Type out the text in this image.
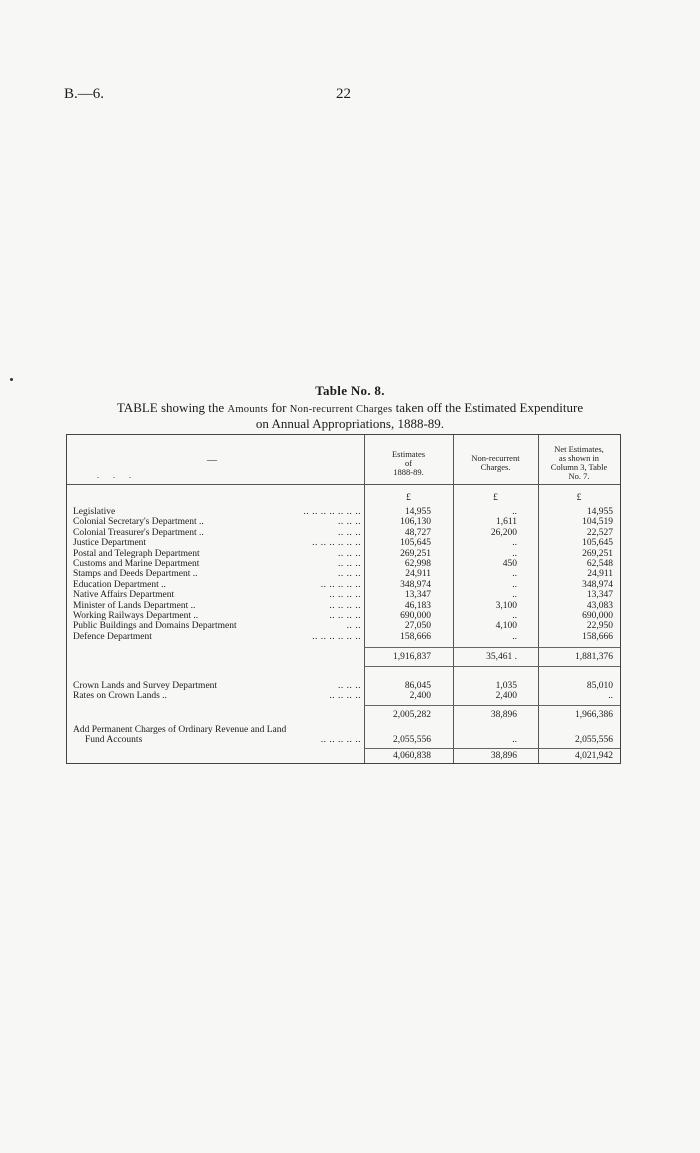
B.—6.	22
Table No. 8.
TABLE showing the Amounts for Non-recurrent Charges taken off the Estimated Expenditure
on Annual Appropriations, 1888-89.
—
. . .
Estimates
of
1888-89.
Non-recurrent
Charges.
Net Estimates,
as shown in
Column 3, Table
No. 7.
£	£	£
Legislative	.. .. .. .. .. .. ..	14,955	..	14,955
Colonial Secretary's Department ..	.. .. ..	106,130	1,611	104,519
Colonial Treasurer's Department ..	.. .. ..	48,727	26,200	22,527
Justice Department	.. .. .. .. .. ..	105,645	..	105,645
Postal and Telegraph Department	.. .. ..	269,251	..	269,251
Customs and Marine Department	.. .. ..	62,998	450	62,548
Stamps and Deeds Department ..	.. .. ..	24,911	..	24,911
Education Department ..	.. .. .. .. ..	348,974	..	348,974
Native Affairs Department	.. .. .. ..	13,347	..	13,347
Minister of Lands Department ..	.. .. .. ..	46,183	3,100	43,083
Working Railways Department ..	.. .. .. ..	690,000	..	690,000
Public Buildings and Domains Department	.. ..	27,050	4,100	22,950
Defence Department	.. .. .. .. .. ..	158,666	..	158,666
1,916,837	35,461 .	1,881,376
Crown Lands and Survey Department	.. .. ..	86,045	1,035	85,010
Rates on Crown Lands ..	.. .. .. ..	2,400	2,400	..
2,005,282	38,896	1,966,386
Add Permanent Charges of Ordinary Revenue and Land
Fund Accounts	.. .. .. .. ..	2,055,556	..	2,055,556
4,060,838	38,896	4,021,942
